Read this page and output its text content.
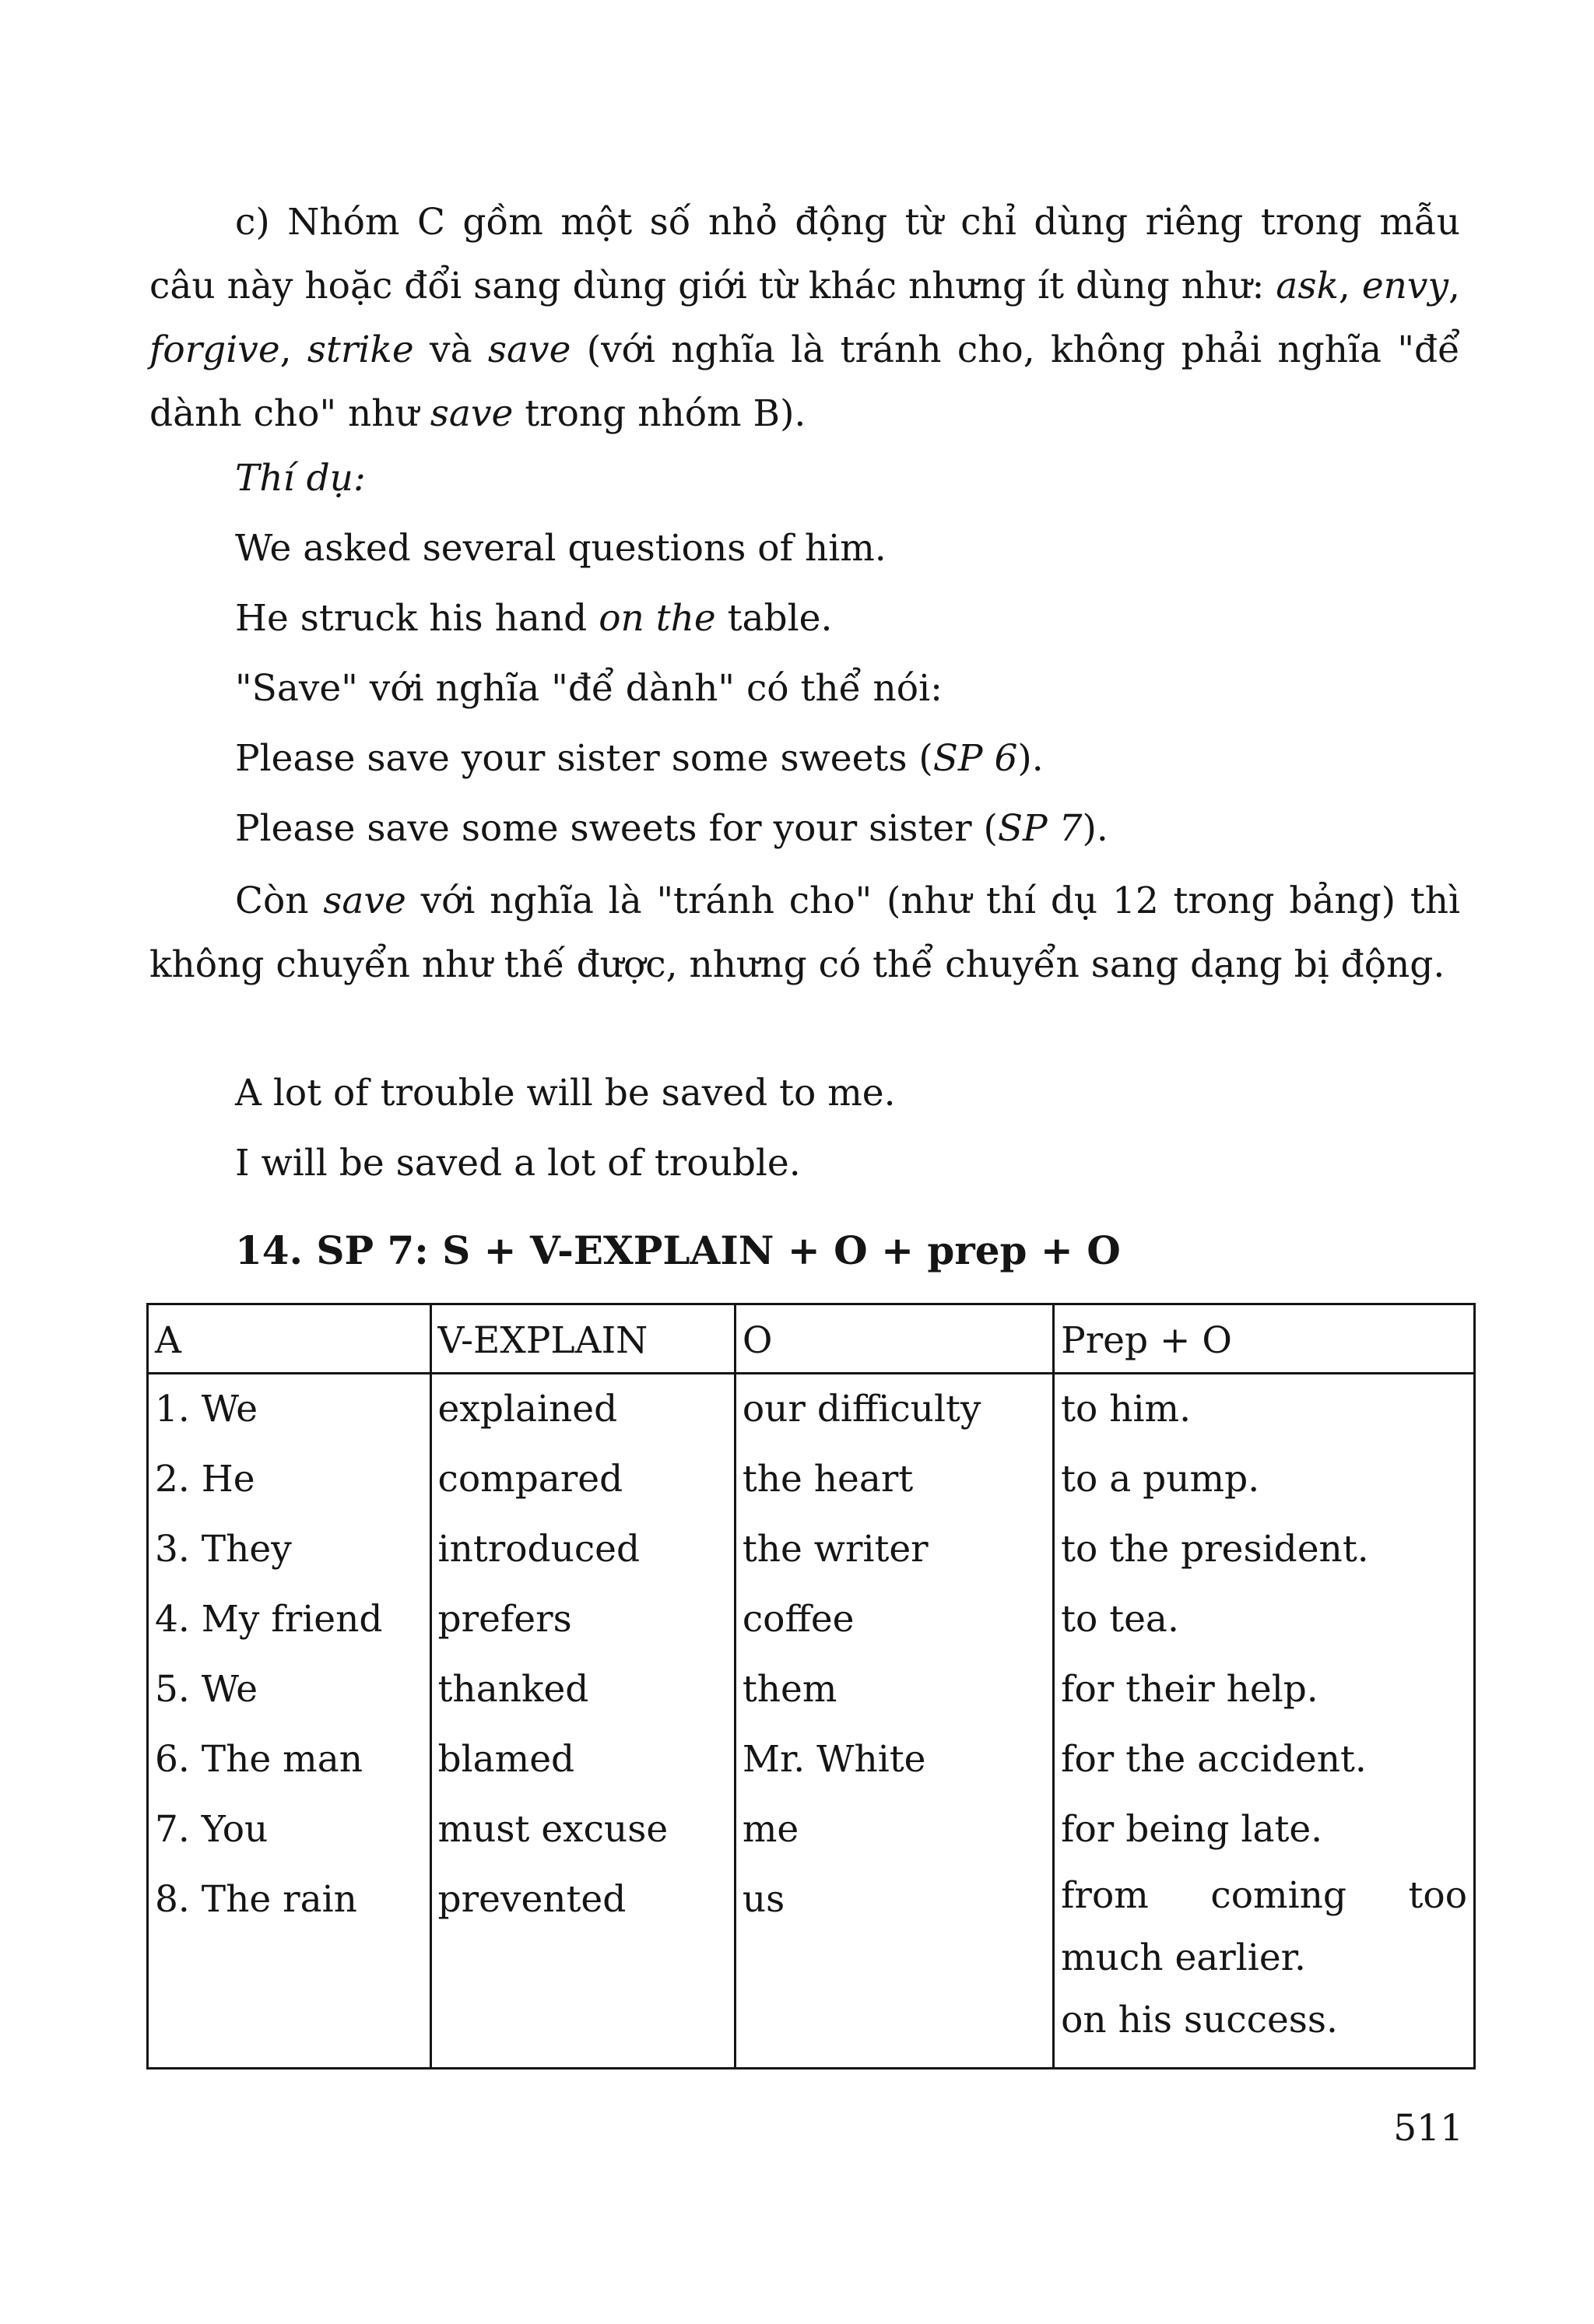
c) Nhóm C gồm một số nhỏ động từ chỉ dùng riêng trong mẫu câu này hoặc đổi sang dùng giới từ khác nhưng ít dùng như: ask, envy, forgive, strike và save (với nghĩa là tránh cho, không phải nghĩa "để dành cho" như save trong nhóm B).

Thí dụ:

We asked several questions of him.

He struck his hand on the table.

"Save" với nghĩa "để dành" có thể nói:

Please save your sister some sweets (SP 6).

Please save some sweets for your sister (SP 7).

Còn save với nghĩa là "tránh cho" (như thí dụ 12 trong bảng) thì không chuyển như thế được, nhưng có thể chuyển sang dạng bị động.

A lot of trouble will be saved to me.

I will be saved a lot of trouble.

14. SP 7: S + V-EXPLAIN + O + prep + O

A	V-EXPLAIN	O	Prep + O
1. We	explained	our difficulty	to him.
2. He	compared	the heart	to a pump.
3. They	introduced	the writer	to the president.
4. My friend	prefers	coffee	to tea.
5. We	thanked	them	for their help.
6. The man	blamed	Mr. White	for the accident.
7. You	must excuse	me	for being late.
8. The rain	prevented	us	from coming too much earlier.
on his success.
511
